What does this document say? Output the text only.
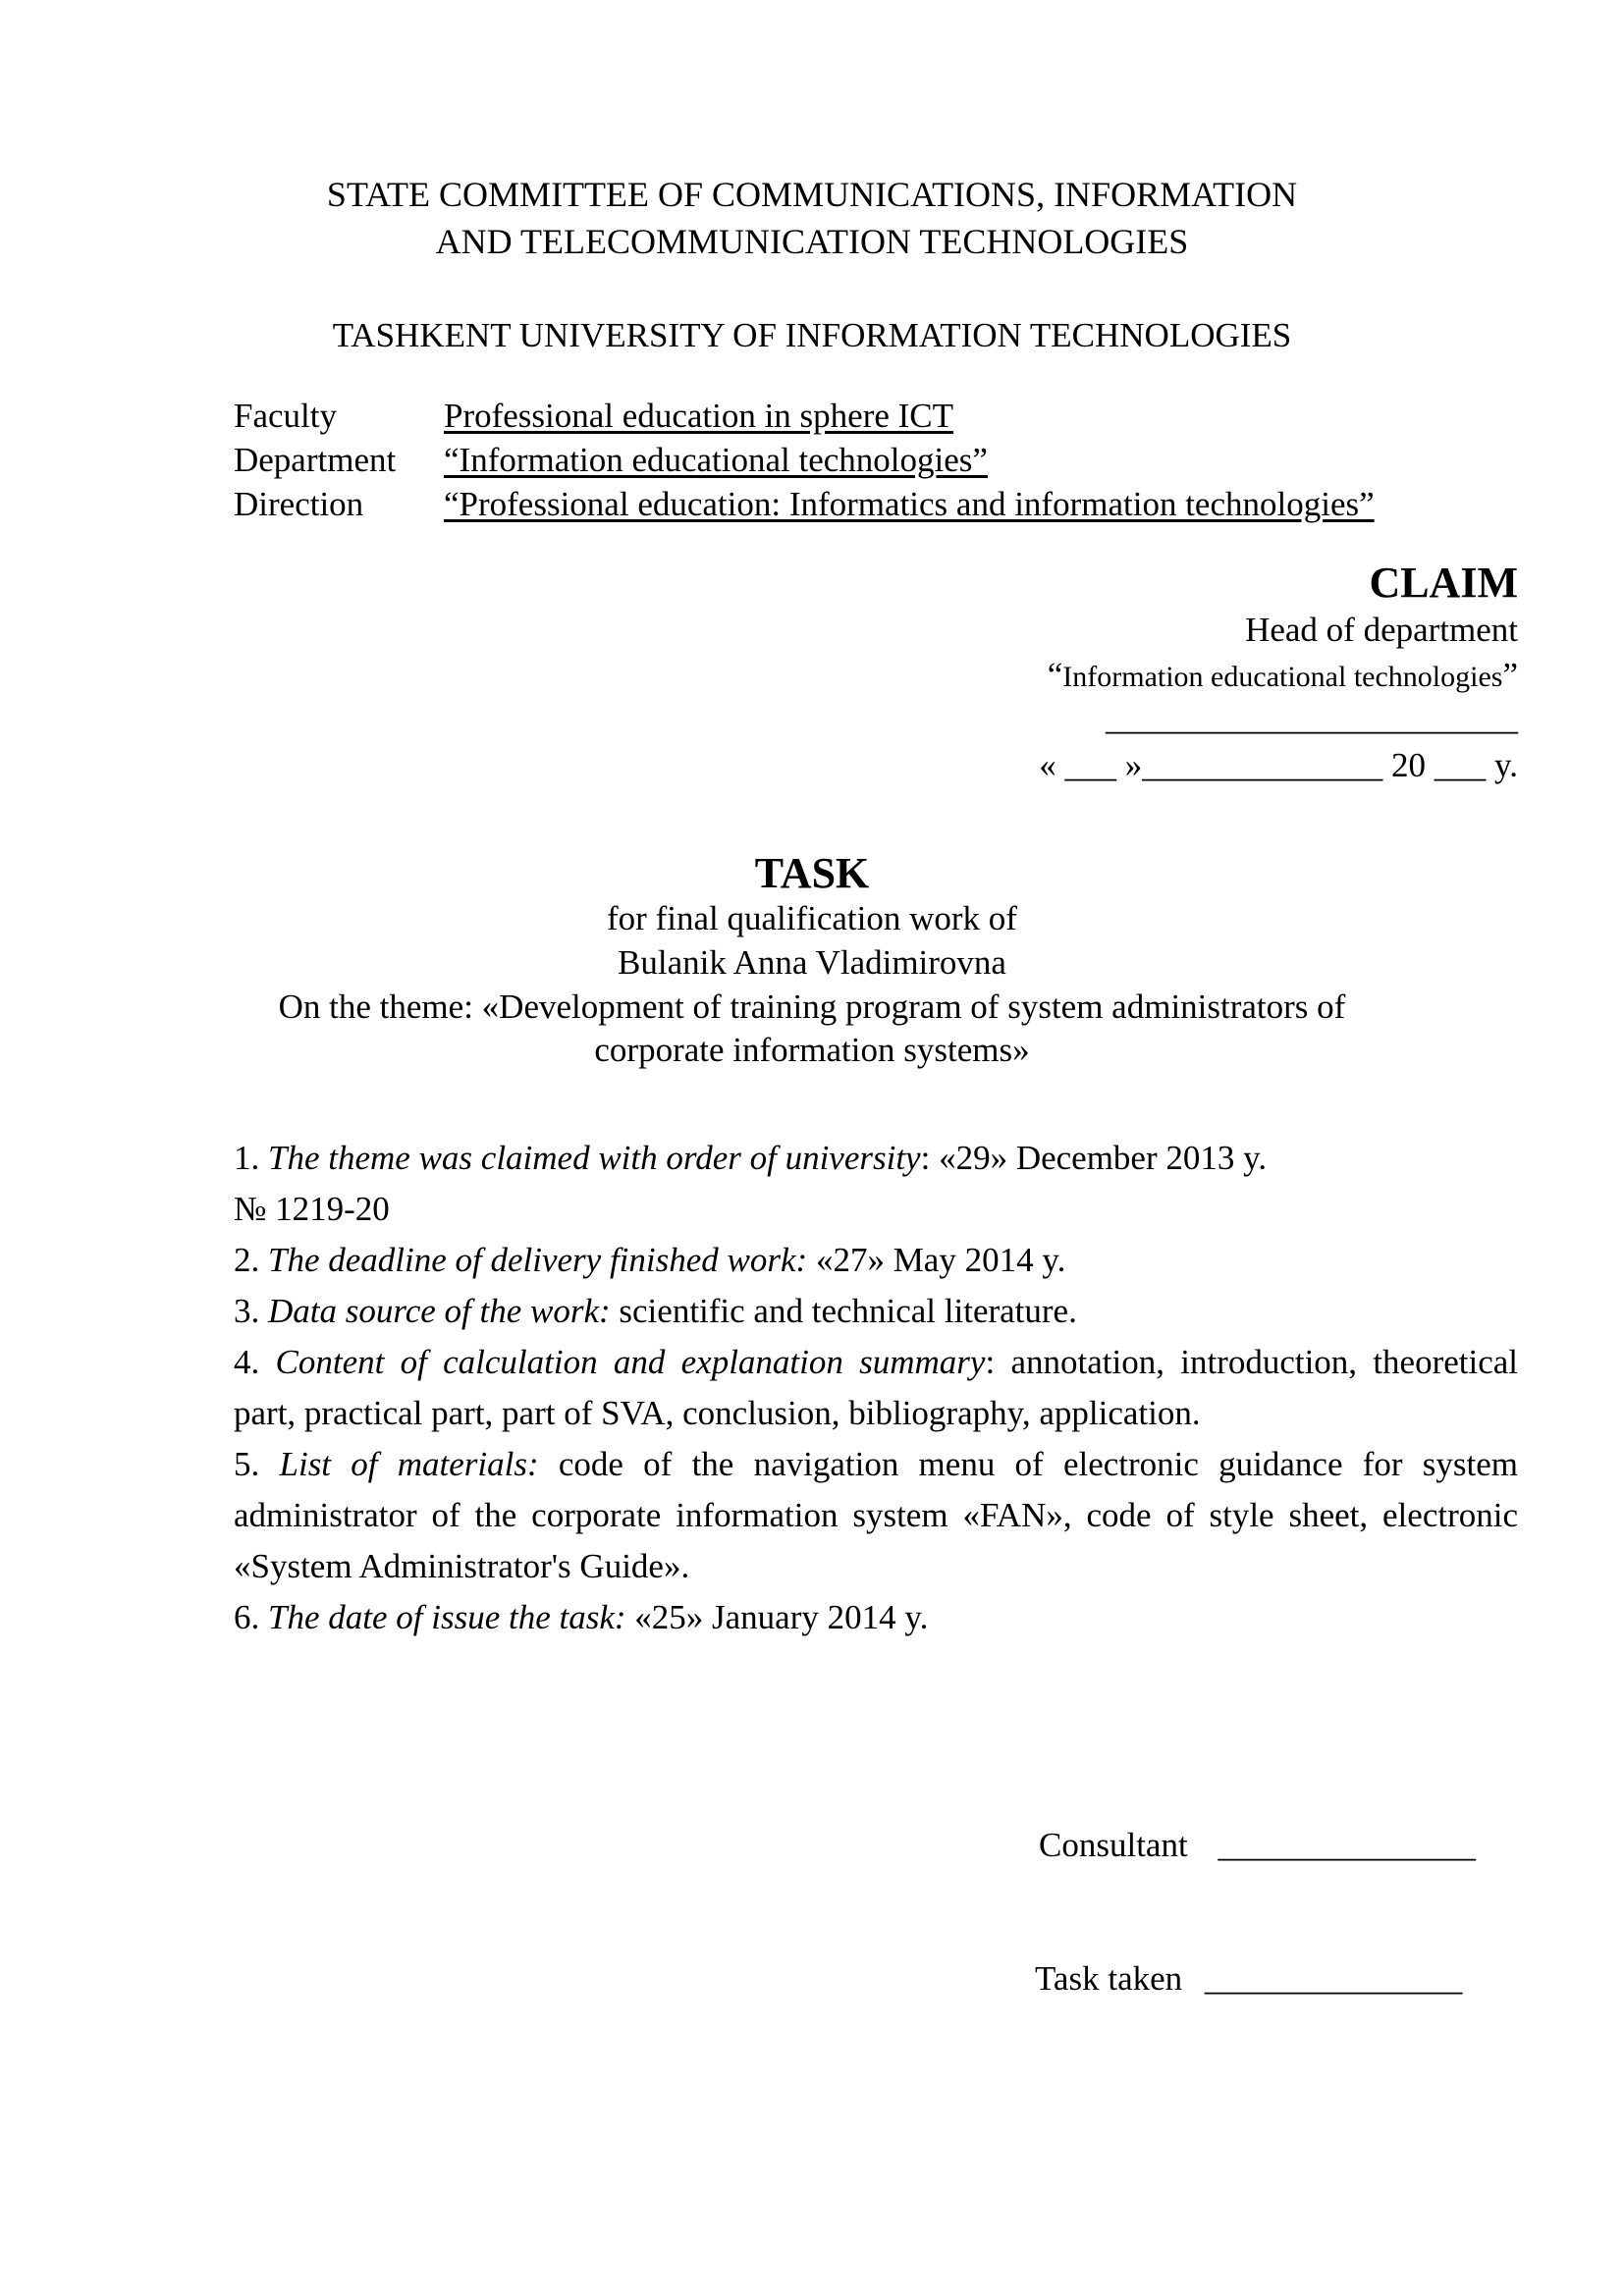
STATE COMMITTEE OF COMMUNICATIONS, INFORMATION
AND TELECOMMUNICATION TECHNOLOGIES
TASHKENT UNIVERSITY OF INFORMATION TECHNOLOGIES
Faculty	Professional education in sphere ICT
Department “Information educational technologies”
Direction “Professional education: Informatics and information technologies”
CLAIM
Head of department
“Information educational technologies”
________________________
« ___ »______________ 20 ___ y.
TASK
for final qualification work of
Bulanik Anna Vladimirovna
On the theme: «Development of training program of system administrators of
corporate information systems»
1. The theme was claimed with order of university: «29» December 2013 y.
№ 1219-20
2. The deadline of delivery finished work: «27» May 2014 y.
3. Data source of the work: scientific and technical literature.
4. Content of calculation and explanation summary: annotation, introduction, theoretical part, practical part, part of SVA, conclusion, bibliography, application.
5. List of materials: code of the navigation menu of electronic guidance for system administrator of the corporate information system «FAN», code of style sheet, electronic «System Administrator's Guide».
6. The date of issue the task: «25» January 2014 y.
Consultant _______________
Task taken _______________
